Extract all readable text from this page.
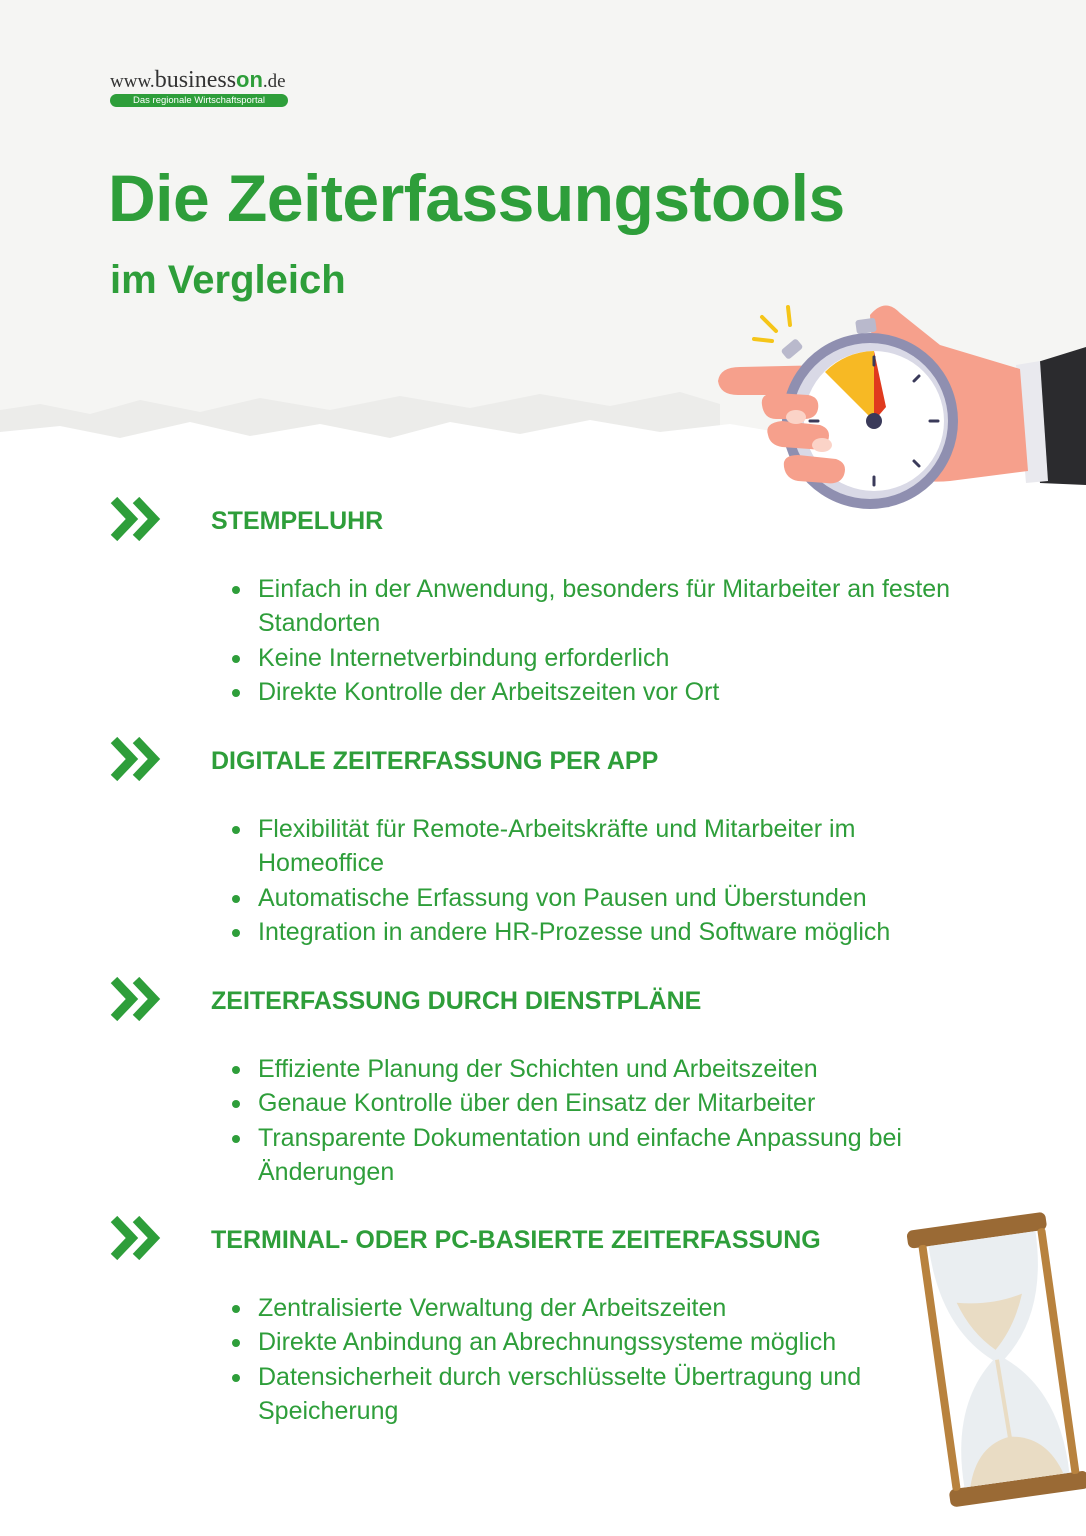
www.businesson.de
Das regionale Wirtschaftsportal
Die Zeiterfassungstools
im Vergleich
STEMPELUHR
Einfach in der Anwendung, besonders für Mitarbeiter an festen Standorten
Keine Internetverbindung erforderlich
Direkte Kontrolle der Arbeitszeiten vor Ort
DIGITALE ZEITERFASSUNG PER APP
Flexibilität für Remote-Arbeitskräfte und Mitarbeiter im Homeoffice
Automatische Erfassung von Pausen und Überstunden
Integration in andere HR-Prozesse und Software möglich
ZEITERFASSUNG DURCH DIENSTPLÄNE
Effiziente Planung der Schichten und Arbeitszeiten
Genaue Kontrolle über den Einsatz der Mitarbeiter
Transparente Dokumentation und einfache Anpassung bei Änderungen
TERMINAL- ODER PC-BASIERTE ZEITERFASSUNG
Zentralisierte Verwaltung der Arbeitszeiten
Direkte Anbindung an Abrechnungssysteme möglich
Datensicherheit durch verschlüsselte Übertragung und Speicherung
